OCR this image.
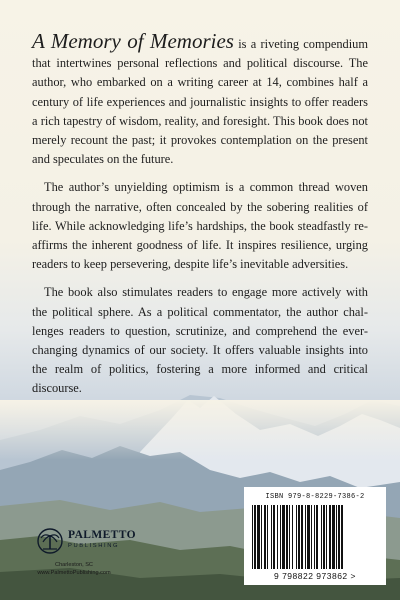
A Memory of Memories is a riveting compendium that intertwines personal reflections and political discourse. The author, who embarked on a writing career at 14, combines half a century of life experiences and journalistic insights to offer readers a rich tapestry of wisdom, reality, and foresight. This book does not merely recount the past; it provokes contemplation on the present and speculates on the future.

The author’s unyielding optimism is a common thread woven through the narrative, often concealed by the sobering realities of life. While acknowledging life’s hardships, the book steadfastly re-affirms the inherent goodness of life. It inspires resilience, urging readers to keep persevering, despite life’s inevitable adversities.

The book also stimulates readers to engage more actively with the political sphere. As a political commentator, the author chal-lenges readers to question, scrutinize, and comprehend the ever-changing dynamics of our society. It offers valuable insights into the realm of politics, fostering a more informed and critical discourse.

PALMETTO
PUBLISHING
Charleston, SC
www.PalmettoPublishing.com
ISBN 979-8-8229-7386-2
9 798822 973862 >
